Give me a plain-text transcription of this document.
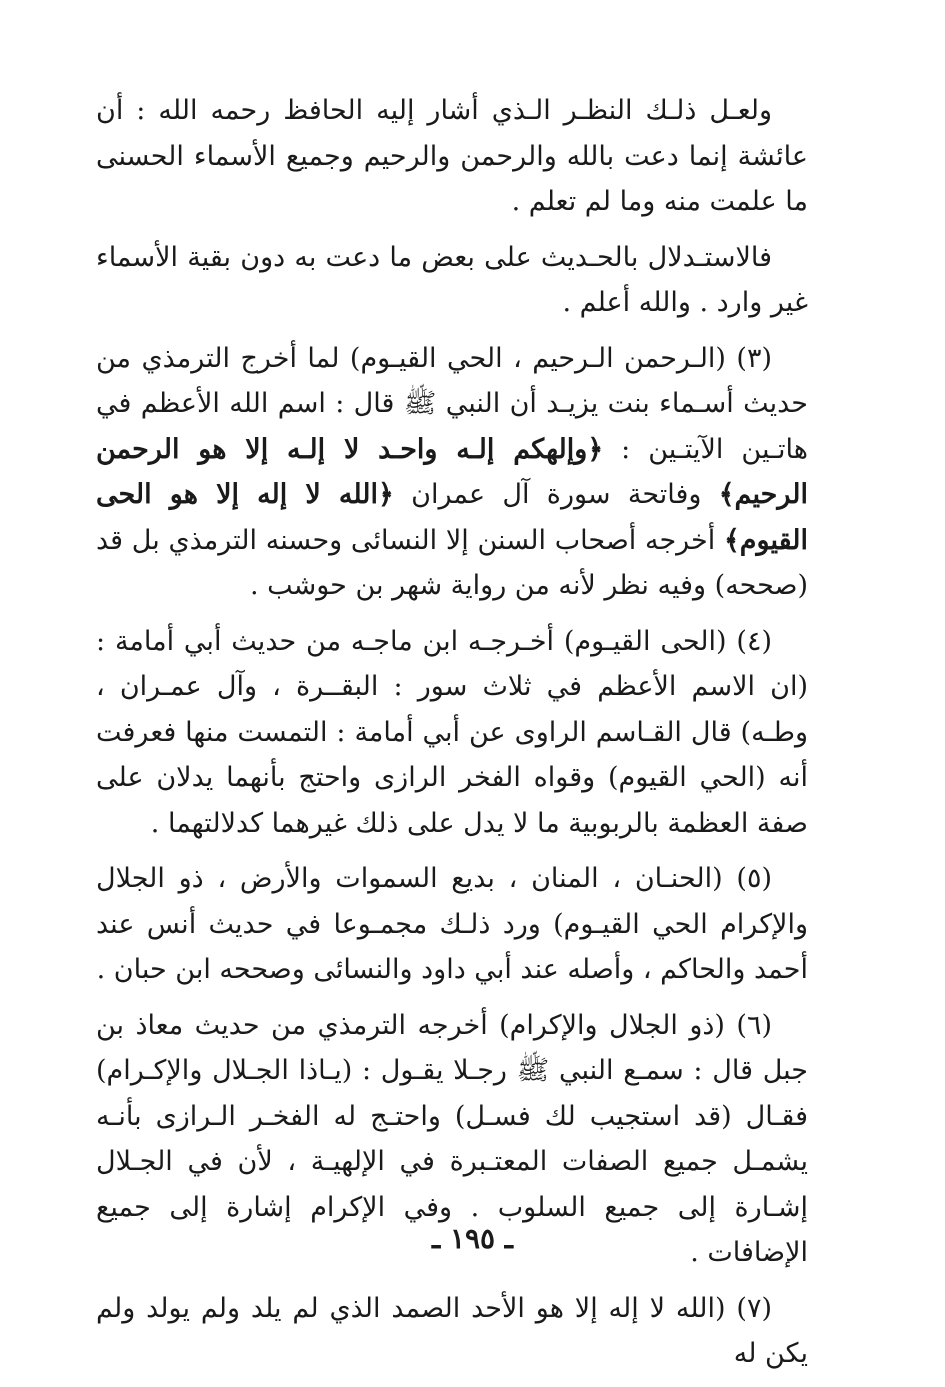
ولعـل ذلـك النظـر الـذي أشار إليه الحافظ رحمه الله : أن عائشة إنما دعت بالله والرحمن والرحيم وجميع الأسماء الحسنى ما علمت منه وما لم تعلم .

فالاستـدلال بالحـديث على بعض ما دعت به دون بقية الأسماء غير وارد . والله أعلم .

(٣) (الـرحمن الـرحيم ، الحي القيـوم) لما أخرج الترمذي من حديث أسـماء بنت يزيـد أن النبي ﷺ قال : اسم الله الأعظم في هاتـين الآيتـين : ﴿وإلهكم إلـه واحـد لا إلـه إلا هو الرحمن الرحيم﴾ وفاتحة سورة آل عمران ﴿الله لا إله إلا هو الحى القيوم﴾ أخرجه أصحاب السنن إلا النسائى وحسنه الترمذي بل قد (صححه) وفيه نظر لأنه من رواية شهر بن حوشب .

(٤) (الحى القيـوم) أخـرجـه ابن ماجـه من حديث أبي أمامة : (ان الاسم الأعظم في ثلاث سور : البقــرة ، وآل عمـران ، وطـه) قال القـاسم الراوى عن أبي أمامة : التمست منها فعرفت أنه (الحي القيوم) وقواه الفخر الرازى واحتج بأنهما يدلان على صفة العظمة بالربوبية ما لا يدل على ذلك غيرهما كدلالتهما .

(٥) (الحنـان ، المنان ، بديع السموات والأرض ، ذو الجلال والإكرام الحي القيـوم) ورد ذلـك مجمـوعا في حديث أنس عند أحمد والحاكم ، وأصله عند أبي داود والنسائى وصححه ابن حبان .

(٦) (ذو الجلال والإكرام) أخرجه الترمذي من حديث معاذ بن جبل قال : سمـع النبي ﷺ رجـلا يقـول : (يـاذا الجـلال والإكـرام) فقـال (قد استجيب لك فسـل) واحتـج له الفخـر الـرازى بأنـه يشمـل جميع الصفات المعتـبرة في الإلهيـة ، لأن في الجـلال إشـارة إلى جميع السلوب . وفي الإكرام إشارة إلى جميع الإضافات .

(٧) (الله لا إله إلا هو الأحد الصمد الذي لم يلد ولم يولد ولم يكن له

ـ ١٩٥ ـ
